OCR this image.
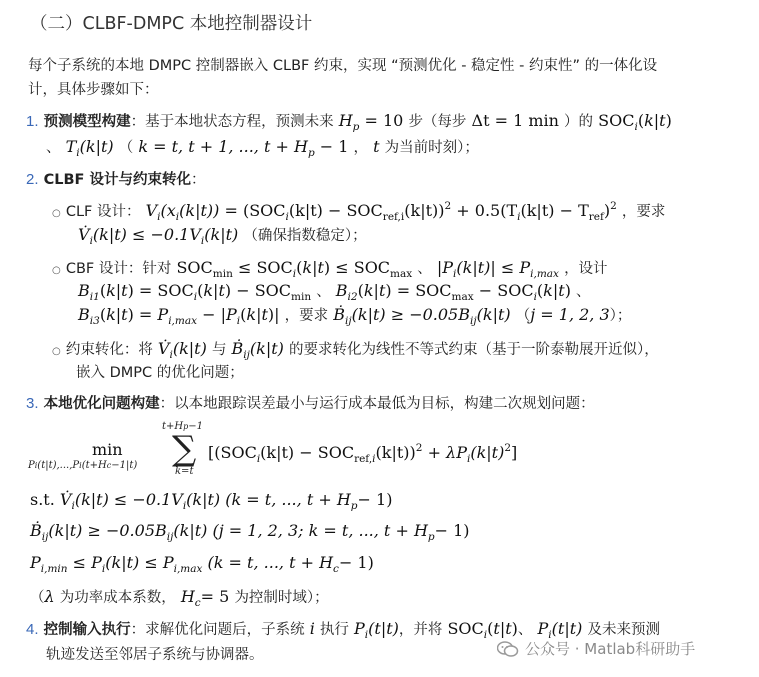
（二）CLBF-DMPC 本地控制器设计
每个子系统的本地 DMPC 控制器嵌入 CLBF 约束，实现 “预测优化 - 稳定性 - 约束性” 的一体化设
计，具体步骤如下：
1. 预测模型构建：基于本地状态方程，预测未来 $H_p = 10$ 步（每步 Δt = 1 min ）的 $SOC_i(k|t)$
、 $T_i(k|t)$ （ k = t, t + 1, ..., $t + H_p - 1$ ， t 为当前时刻）；
2. CLBF 设计与约束转化：
○ CLF 设计： $V_i(x_i(k|t)) = (SOC_i(k|t) - SOC_{ref,i}(k|t))^2 + 0.5(T_i(k|t) - T_{ref})^2$ ，要求
$V̇_i(k|t) \le -0.1V_i(k|t)$ （确保指数稳定）；
○ CBF 设计：针对 $SOC_{min} \le SOC_i(k|t) \le SOC_{max}$ 、 $|P_i(k|t)| \le P_{i,max}$ ，设计
$B_{i1}(k|t) = SOC_i(k|t) - SOC_{min}$ 、 $B_{i2}(k|t) = SOC_{max} - SOC_i(k|t)$ 、
$B_{i3}(k|t) = P_{i,max} - |P_i(k|t)|$ ，要求 Ḃ$_{ij}$(k|t) ≥ $-0.05B_{ij}(k|t) (j = 1$, 2, 3）；
○ 约束转化：将 $V̇_i(k|t)$ 与 Ḃ$_{ij}$(k|t) 的要求转化为线性不等式约束（基于一阶泰勒展开近似），
嵌入 DMPC 的优化问题；
3. 本地优化问题构建：以本地跟踪误差最小与运行成本最低为目标，构建二次规划问题：
min
Pi(t|t),...,Pi(t+Hc−1|t)
t+Hp−1
∑
k=t
$[(SOC_i(k|t) - SOC_{ref,i}(k|t))^2 + \lambda P_i(k|t)^2]$
s.t. $V̇_i(k|t) \le -0.1V_i(k|t) (k = t$, ..., $t + H_p- 1$)
Ḃ$_{ij}$(k|t) ≥ $-0.05B_{ij}(k|t) (j = 1$, 2, 3; k = t, ..., $t + H_p- 1$)
$P_{i,min} \le P_i(k|t) \le P_{i,max}$ (k = t, ..., $t + H_c- 1$)
（λ 为功率成本系数， $H_c= 5$ 为控制时域）；
4. 控制输入执行：求解优化问题后，子系统 i 执行 $P_i(t|t)$，并将 $SOC_i(t|t)$、 $P_i(t|t)$ 及未来预测
轨迹发送至邻居子系统与协调器。	公众号 · Matlab科研助手
